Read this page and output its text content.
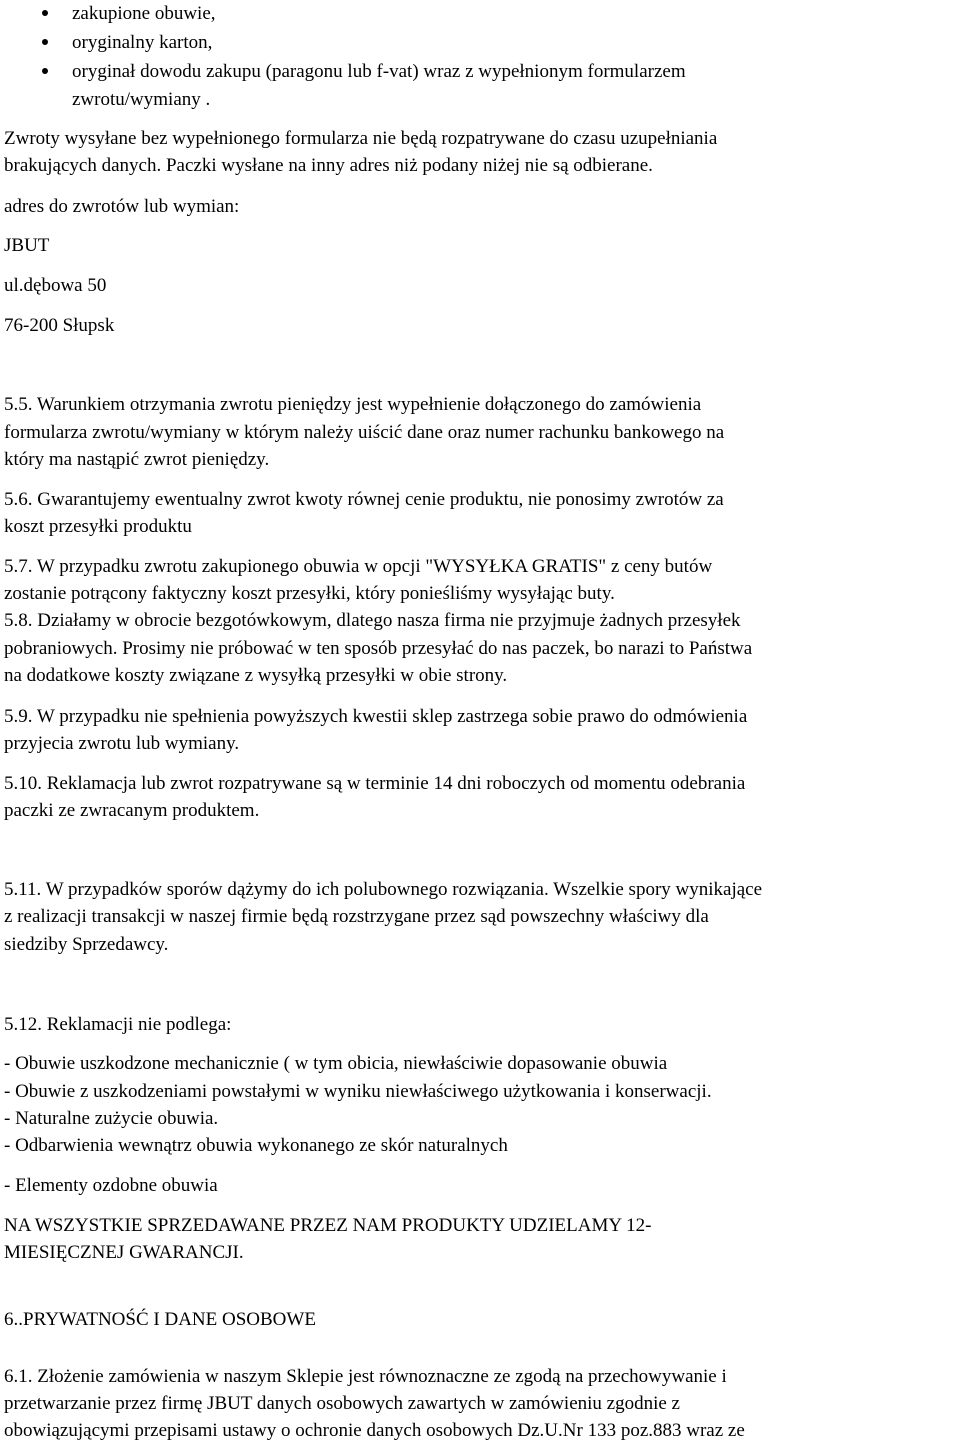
zakupione obuwie,
oryginalny karton,
oryginał dowodu zakupu (paragonu lub f-vat) wraz z wypełnionym formularzem
zwrotu/wymiany .
Zwroty wysyłane bez wypełnionego formularza nie będą rozpatrywane do czasu uzupełniania
brakujących danych. Paczki wysłane na inny adres niż podany niżej nie są odbierane.
adres do zwrotów lub wymian:
JBUT
ul.dębowa 50
76-200 Słupsk
5.5. Warunkiem otrzymania zwrotu pieniędzy jest wypełnienie dołączonego do zamówienia
formularza zwrotu/wymiany w którym należy uiścić dane oraz numer rachunku bankowego na
który ma nastąpić zwrot pieniędzy.
5.6. Gwarantujemy ewentualny zwrot kwoty równej cenie produktu, nie ponosimy zwrotów za
koszt przesyłki produktu
5.7. W przypadku zwrotu zakupionego obuwia w opcji "WYSYŁKA GRATIS" z ceny butów
zostanie potrącony faktyczny koszt przesyłki, który ponieśliśmy wysyłając buty.
5.8. Działamy w obrocie bezgotówkowym, dlatego nasza firma nie przyjmuje żadnych przesyłek
pobraniowych. Prosimy nie próbować w ten sposób przesyłać do nas paczek, bo narazi to Państwa
na dodatkowe koszty związane z wysyłką przesyłki w obie strony.
5.9. W przypadku nie spełnienia powyższych kwestii sklep zastrzega sobie prawo do odmówienia
przyjecia zwrotu lub wymiany.
5.10. Reklamacja lub zwrot rozpatrywane są w terminie 14 dni roboczych od momentu odebrania
paczki ze zwracanym produktem.
5.11. W przypadków sporów dążymy do ich polubownego rozwiązania. Wszelkie spory wynikające
z realizacji transakcji w naszej firmie będą rozstrzygane przez sąd powszechny właściwy dla
siedziby Sprzedawcy.
5.12. Reklamacji nie podlega:
- Obuwie uszkodzone mechanicznie ( w tym obicia, niewłaściwie dopasowanie obuwia
- Obuwie z uszkodzeniami powstałymi w wyniku niewłaściwego użytkowania i konserwacji.
- Naturalne zużycie obuwia.
- Odbarwienia wewnątrz obuwia wykonanego ze skór naturalnych
- Elementy ozdobne obuwia
NA WSZYSTKIE SPRZEDAWANE PRZEZ NAM PRODUKTY UDZIELAMY 12-
MIESIĘCZNEJ GWARANCJI.
6..PRYWATNOŚĆ I DANE OSOBOWE
6.1. Złożenie zamówienia w naszym Sklepie jest równoznaczne ze zgodą na przechowywanie i
przetwarzanie przez firmę JBUT danych osobowych zawartych w zamówieniu zgodnie z
obowiązującymi przepisami ustawy o ochronie danych osobowych Dz.U.Nr 133 poz.883 wraz ze
